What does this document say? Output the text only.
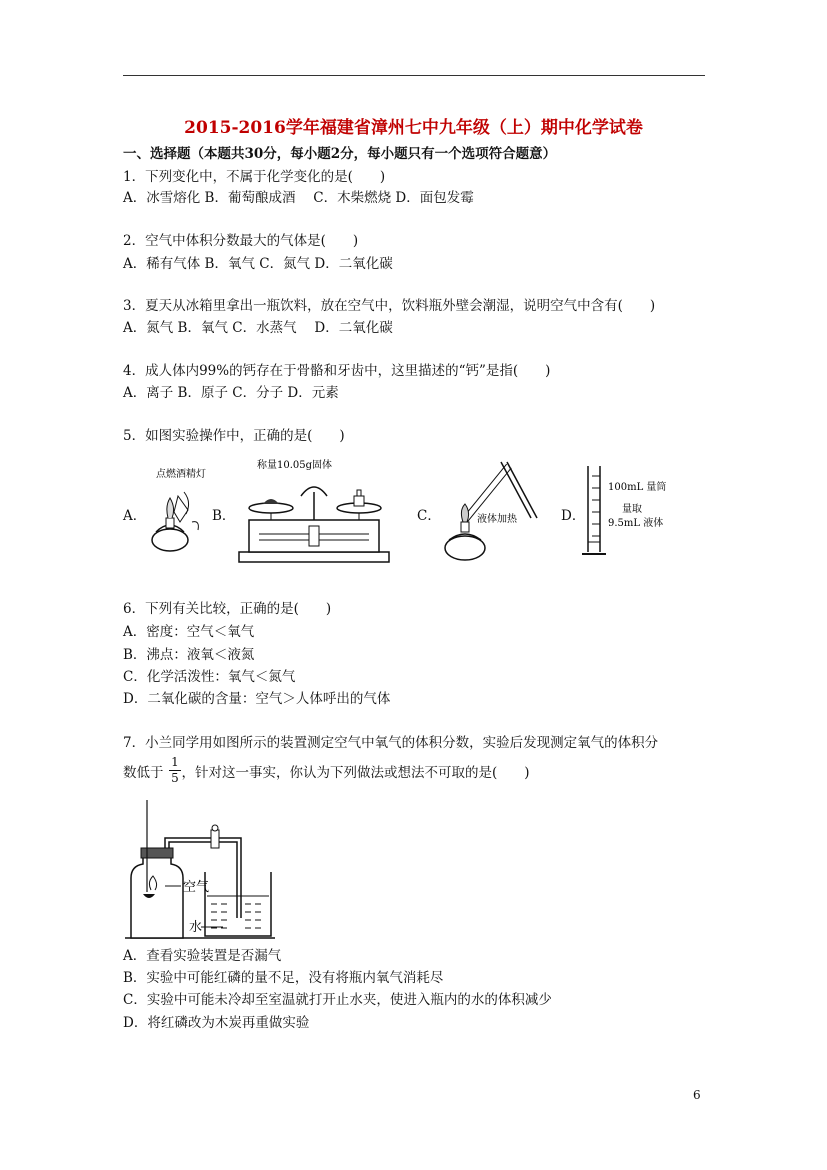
2015-2016学年福建省漳州七中九年级（上）期中化学试卷
一、选择题（本题共30分，每小题2分，每小题只有一个选项符合题意）
1．下列变化中，不属于化学变化的是(　　)
A．冰雪熔化 B．葡萄酿成酒　 C．木柴燃烧 D．面包发霉
2．空气中体积分数最大的气体是(　　)
A．稀有气体 B．氧气 C．氮气 D．二氧化碳
3．夏天从冰箱里拿出一瓶饮料，放在空气中，饮料瓶外壁会潮湿，说明空气中含有(　　)
A．氮气 B．氧气 C．水蒸气　 D．二氧化碳
4．成人体内99%的钙存在于骨骼和牙齿中，这里描述的“钙”是指(　　)
A．离子 B．原子 C．分子 D．元素
5．如图实验操作中，正确的是(　　)
A．	B．	C．	D．
点燃酒精灯
称量10.05g固体
液体加热
100mL 量筒
量取
9.5mL 液体
6．下列有关比较，正确的是(　　)
A．密度：空气＜氧气
B．沸点：液氧＜液氮
C．化学活泼性：氧气＜氮气
D．二氧化碳的含量：空气＞人体呼出的气体
7．小兰同学用如图所示的装置测定空气中氧气的体积分数，实验后发现测定氧气的体积分
数低于 ，针对这一事实，你认为下列做法或想法不可取的是(　　)
1
5
空气
水
A．查看实验装置是否漏气
B．实验中可能红磷的量不足，没有将瓶内氧气消耗尽
C．实验中可能未冷却至室温就打开止水夹，使进入瓶内的水的体积减少
D．将红磷改为木炭再重做实验
6
